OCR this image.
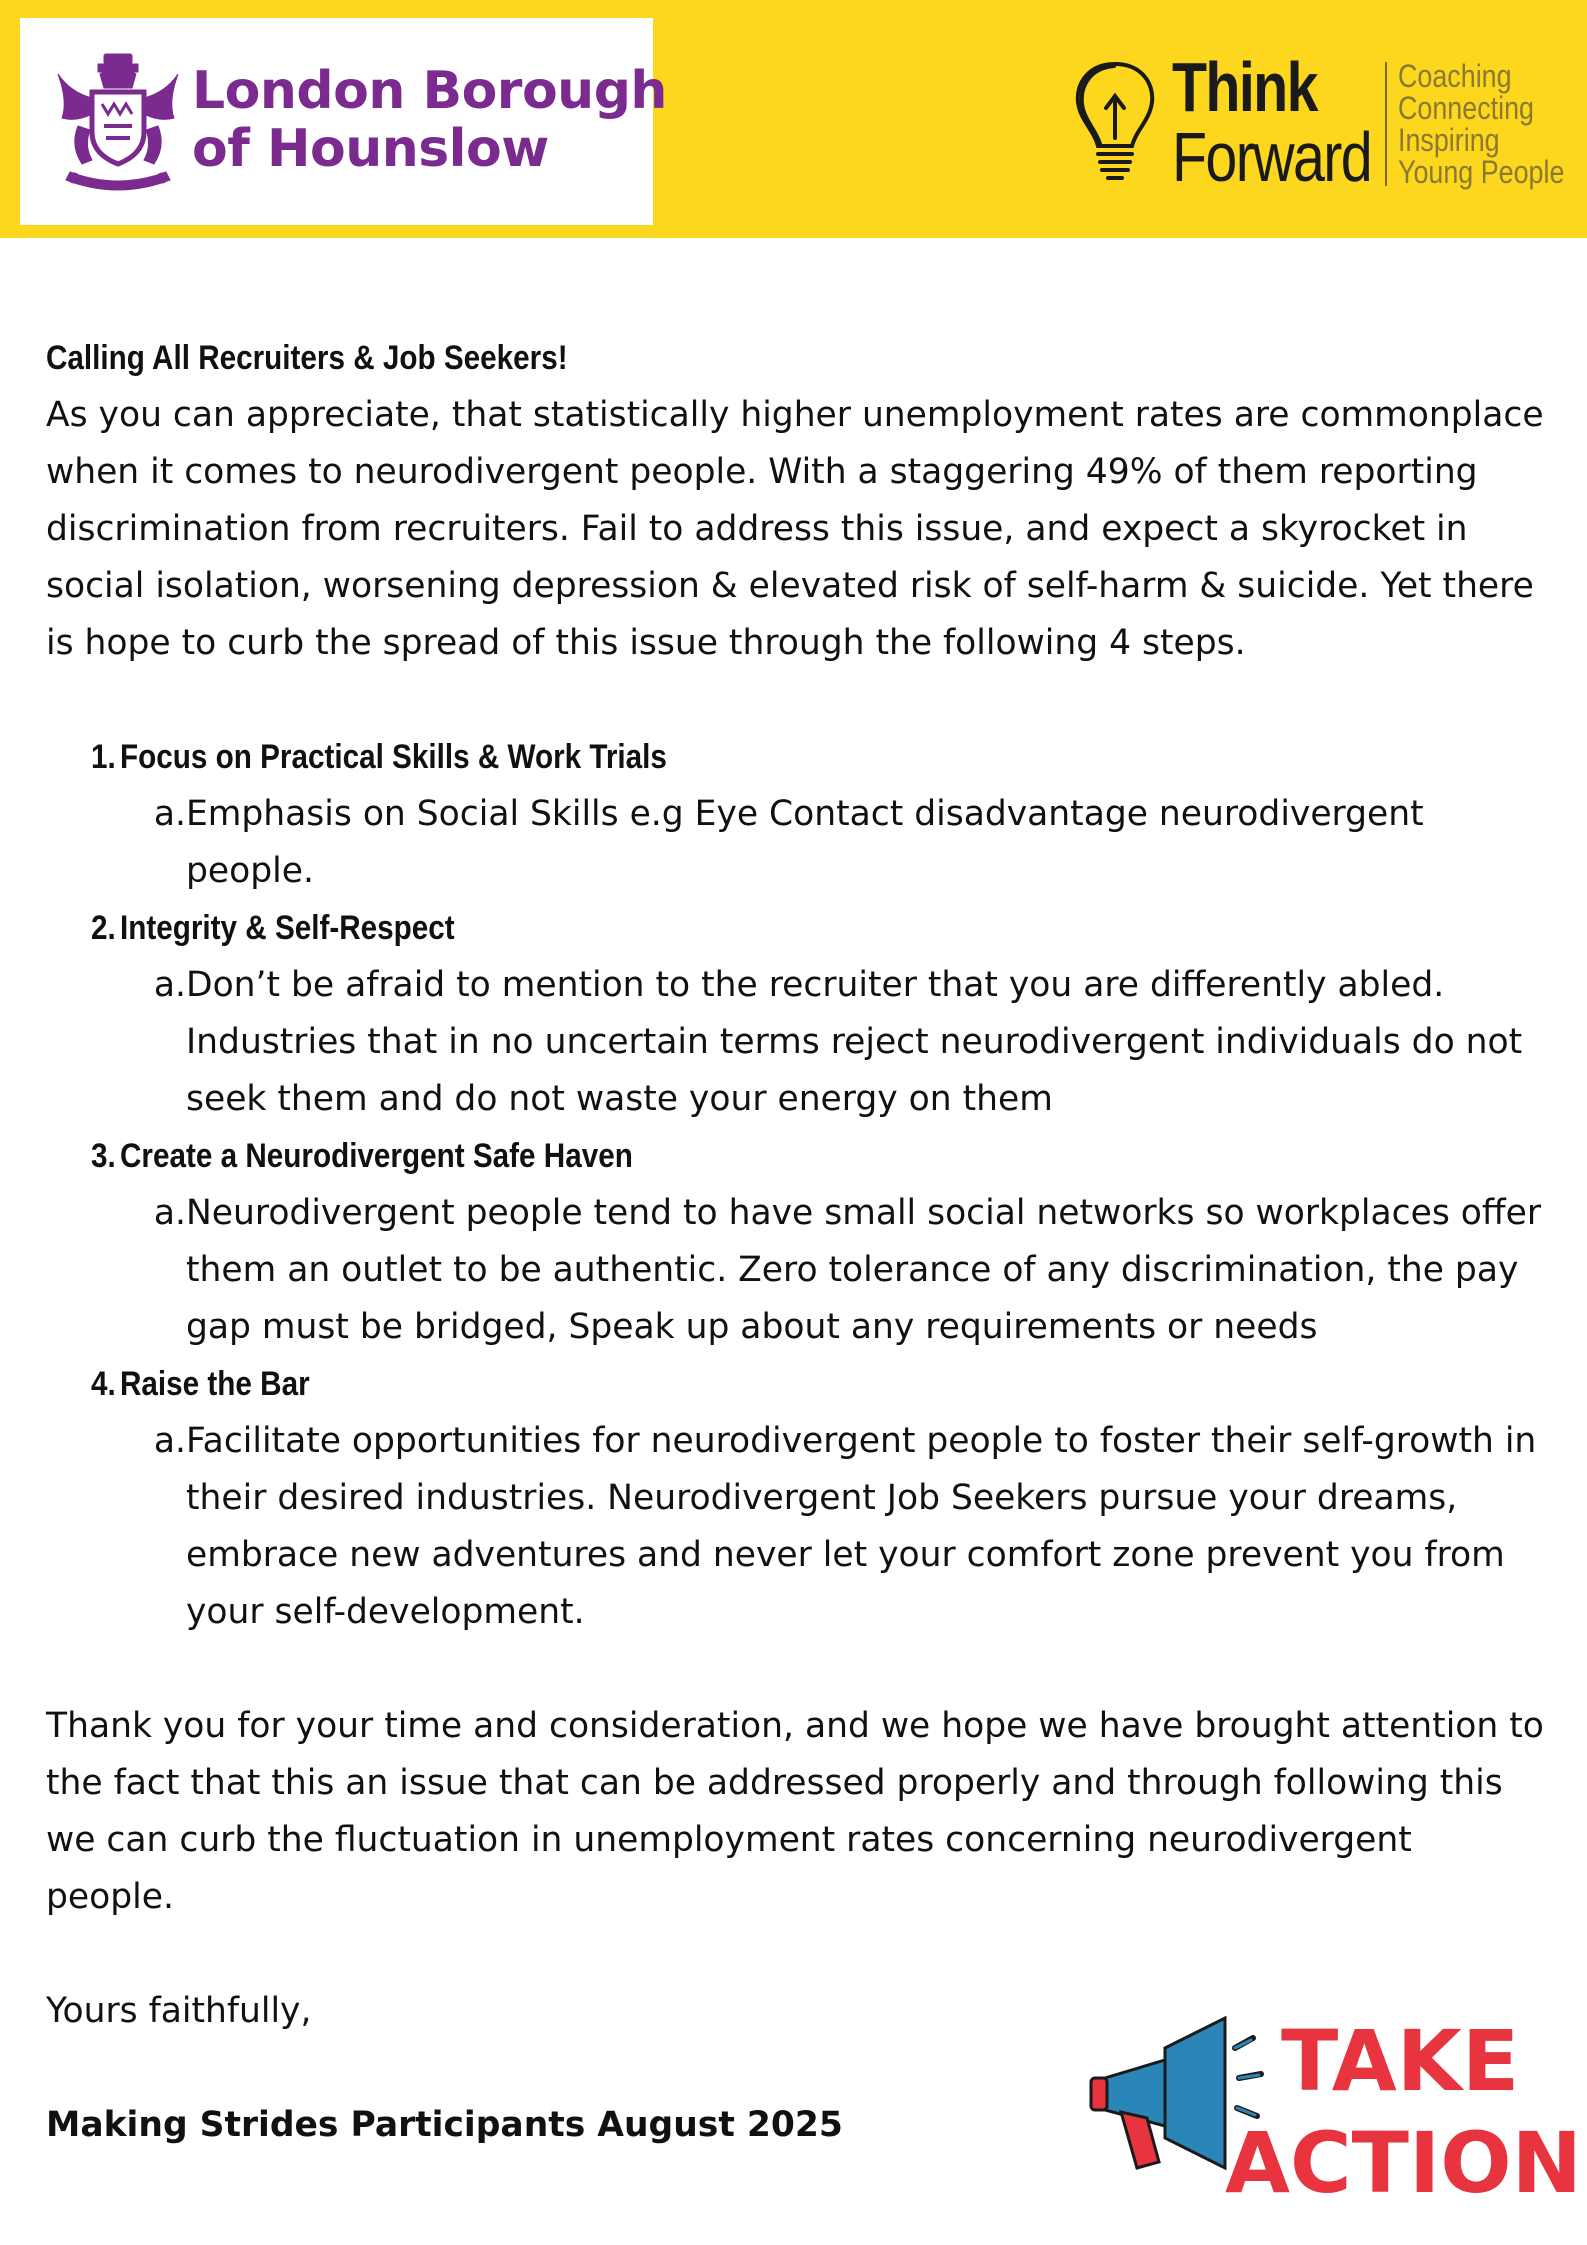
London Borough
of Hounslow
Think
Forward
Coaching
Connecting
Inspiring
Young People
Calling All Recruiters & Job Seekers!

As you can appreciate, that statistically higher unemployment rates are commonplace
when it comes to neurodivergent people. With a staggering 49% of them reporting
discrimination from recruiters. Fail to address this issue, and expect a skyrocket in
social isolation, worsening depression & elevated risk of self-harm & suicide. Yet there
is hope to curb the spread of this issue through the following 4 steps.

1. Focus on Practical Skills & Work Trials
a. Emphasis on Social Skills e.g Eye Contact disadvantage neurodivergent
people.
2. Integrity & Self-Respect
a. Don’t be afraid to mention to the recruiter that you are differently abled.
Industries that in no uncertain terms reject neurodivergent individuals do not
seek them and do not waste your energy on them
3. Create a Neurodivergent Safe Haven
a. Neurodivergent people tend to have small social networks so workplaces offer
them an outlet to be authentic. Zero tolerance of any discrimination, the pay
gap must be bridged, Speak up about any requirements or needs
4. Raise the Bar
a. Facilitate opportunities for neurodivergent people to foster their self-growth in
their desired industries. Neurodivergent Job Seekers pursue your dreams,
embrace new adventures and never let your comfort zone prevent you from
your self-development.

Thank you for your time and consideration, and we hope we have brought attention to
the fact that this an issue that can be addressed properly and through following this
we can curb the fluctuation in unemployment rates concerning neurodivergent
people.

Yours faithfully,

Making Strides Participants August 2025

TAKE
ACTION
